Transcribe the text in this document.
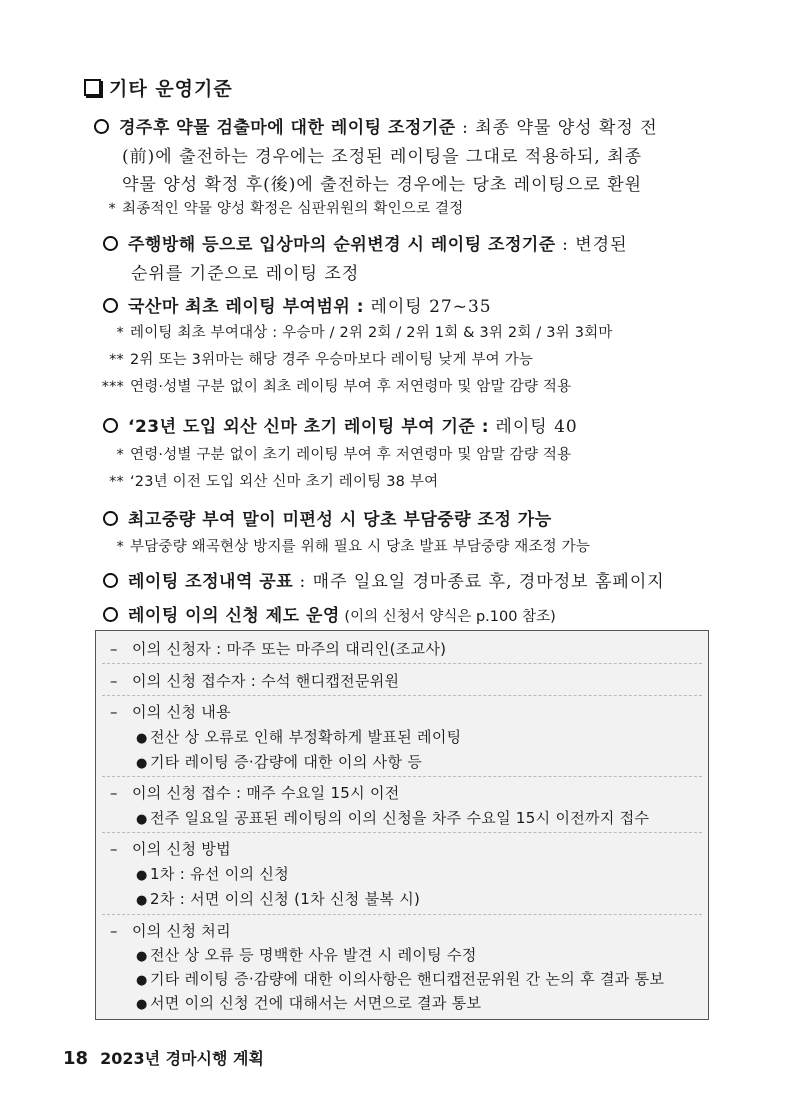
기타 운영기준
경주후 약물 검출마에 대한 레이팅 조정기준 : 최종 약물 양성 확정 전
(前)에 출전하는 경우에는 조정된 레이팅을 그대로 적용하되, 최종
약물 양성 확정 후(後)에 출전하는 경우에는 당초 레이팅으로 환원
* 최종적인 약물 양성 확정은 심판위원의 확인으로 결정
주행방해 등으로 입상마의 순위변경 시 레이팅 조정기준 : 변경된
순위를 기준으로 레이팅 조정
국산마 최초 레이팅 부여범위 : 레이팅 27~35
* 레이팅 최초 부여대상 : 우승마 / 2위 2회 / 2위 1회 & 3위 2회 / 3위 3회마
** 2위 또는 3위마는 해당 경주 우승마보다 레이팅 낮게 부여 가능
*** 연령·성별 구분 없이 최초 레이팅 부여 후 저연령마 및 암말 감량 적용
‘23년 도입 외산 신마 초기 레이팅 부여 기준 : 레이팅 40
* 연령·성별 구분 없이 초기 레이팅 부여 후 저연령마 및 암말 감량 적용
** ‘23년 이전 도입 외산 신마 초기 레이팅 38 부여
최고중량 부여 말이 미편성 시 당초 부담중량 조정 가능
* 부담중량 왜곡현상 방지를 위해 필요 시 당초 발표 부담중량 재조정 가능
레이팅 조정내역 공표 : 매주 일요일 경마종료 후, 경마정보 홈페이지
레이팅 이의 신청 제도 운영 (이의 신청서 양식은 p.100 참조)
– 이의 신청자 : 마주 또는 마주의 대리인(조교사)
– 이의 신청 접수자 : 수석 핸디캡전문위원
– 이의 신청 내용
● 전산 상 오류로 인해 부정확하게 발표된 레이팅
● 기타 레이팅 증·감량에 대한 이의 사항 등
– 이의 신청 접수 : 매주 수요일 15시 이전
● 전주 일요일 공표된 레이팅의 이의 신청을 차주 수요일 15시 이전까지 접수
– 이의 신청 방법
● 1차 : 유선 이의 신청
● 2차 : 서면 이의 신청 (1차 신청 불복 시)
– 이의 신청 처리
● 전산 상 오류 등 명백한 사유 발견 시 레이팅 수정
● 기타 레이팅 증·감량에 대한 이의사항은 핸디캡전문위원 간 논의 후 결과 통보
● 서면 이의 신청 건에 대해서는 서면으로 결과 통보
18 2023년 경마시행 계획
